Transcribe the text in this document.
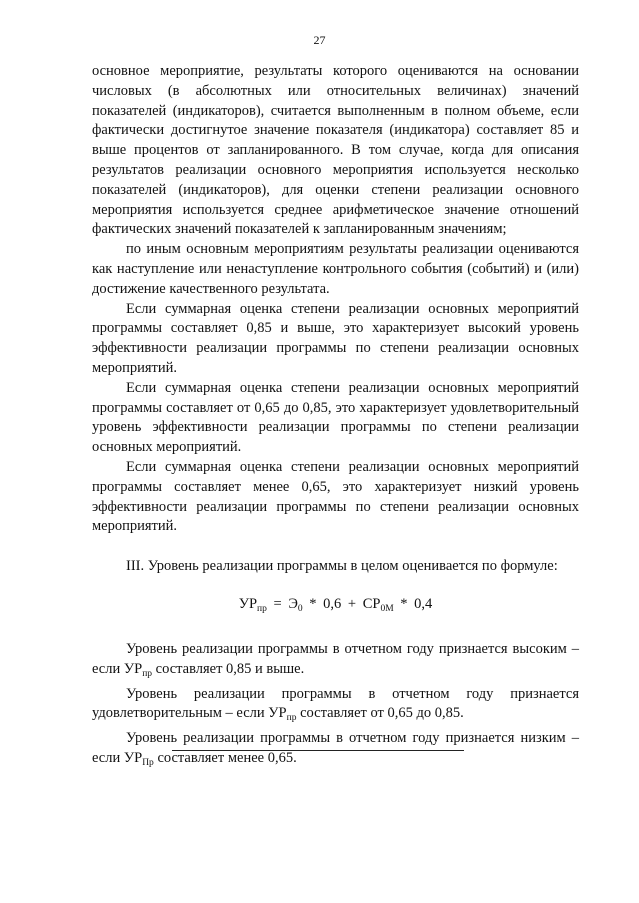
27

основное мероприятие, результаты которого оцениваются на основании числовых (в абсолютных или относительных величинах) значений показателей (индикаторов), считается выполненным в полном объеме, если фактически достигнутое значение показателя (индикатора) составляет 85 и выше процентов от запланированного. В том случае, когда для описания результатов реализации основного мероприятия используется несколько показателей (индикаторов), для оценки степени реализации основного мероприятия используется среднее арифметическое значение отношений фактических значений показателей к запланированным значениям;

по иным основным мероприятиям результаты реализации оцениваются как наступление или ненаступление контрольного события (событий) и (или) достижение качественного результата.

Если суммарная оценка степени реализации основных мероприятий программы составляет 0,85 и выше, это характеризует высокий уровень эффективности реализации программы по степени реализации основных мероприятий.

Если суммарная оценка степени реализации основных мероприятий программы составляет от 0,65 до 0,85, это характеризует удовлетворительный уровень эффективности реализации программы по степени реализации основных мероприятий.

Если суммарная оценка степени реализации основных мероприятий программы составляет менее 0,65, это характеризует низкий уровень эффективности реализации программы по степени реализации основных мероприятий.

III. Уровень реализации программы в целом оценивается по формуле:

$УР_{пр} = Э_0 * 0,6 + СР_{0М} * 0,4$

Уровень реализации программы в отчетном году признается высоким – если $УР_{пр}$ составляет 0,85 и выше.

Уровень реализации программы в отчетном году признается удовлетворительным – если $УР_{пр}$ составляет от 0,65 до 0,85.

Уровень реализации программы в отчетном году признается низким – если $УР_{Пр}$ составляет менее 0,65.
